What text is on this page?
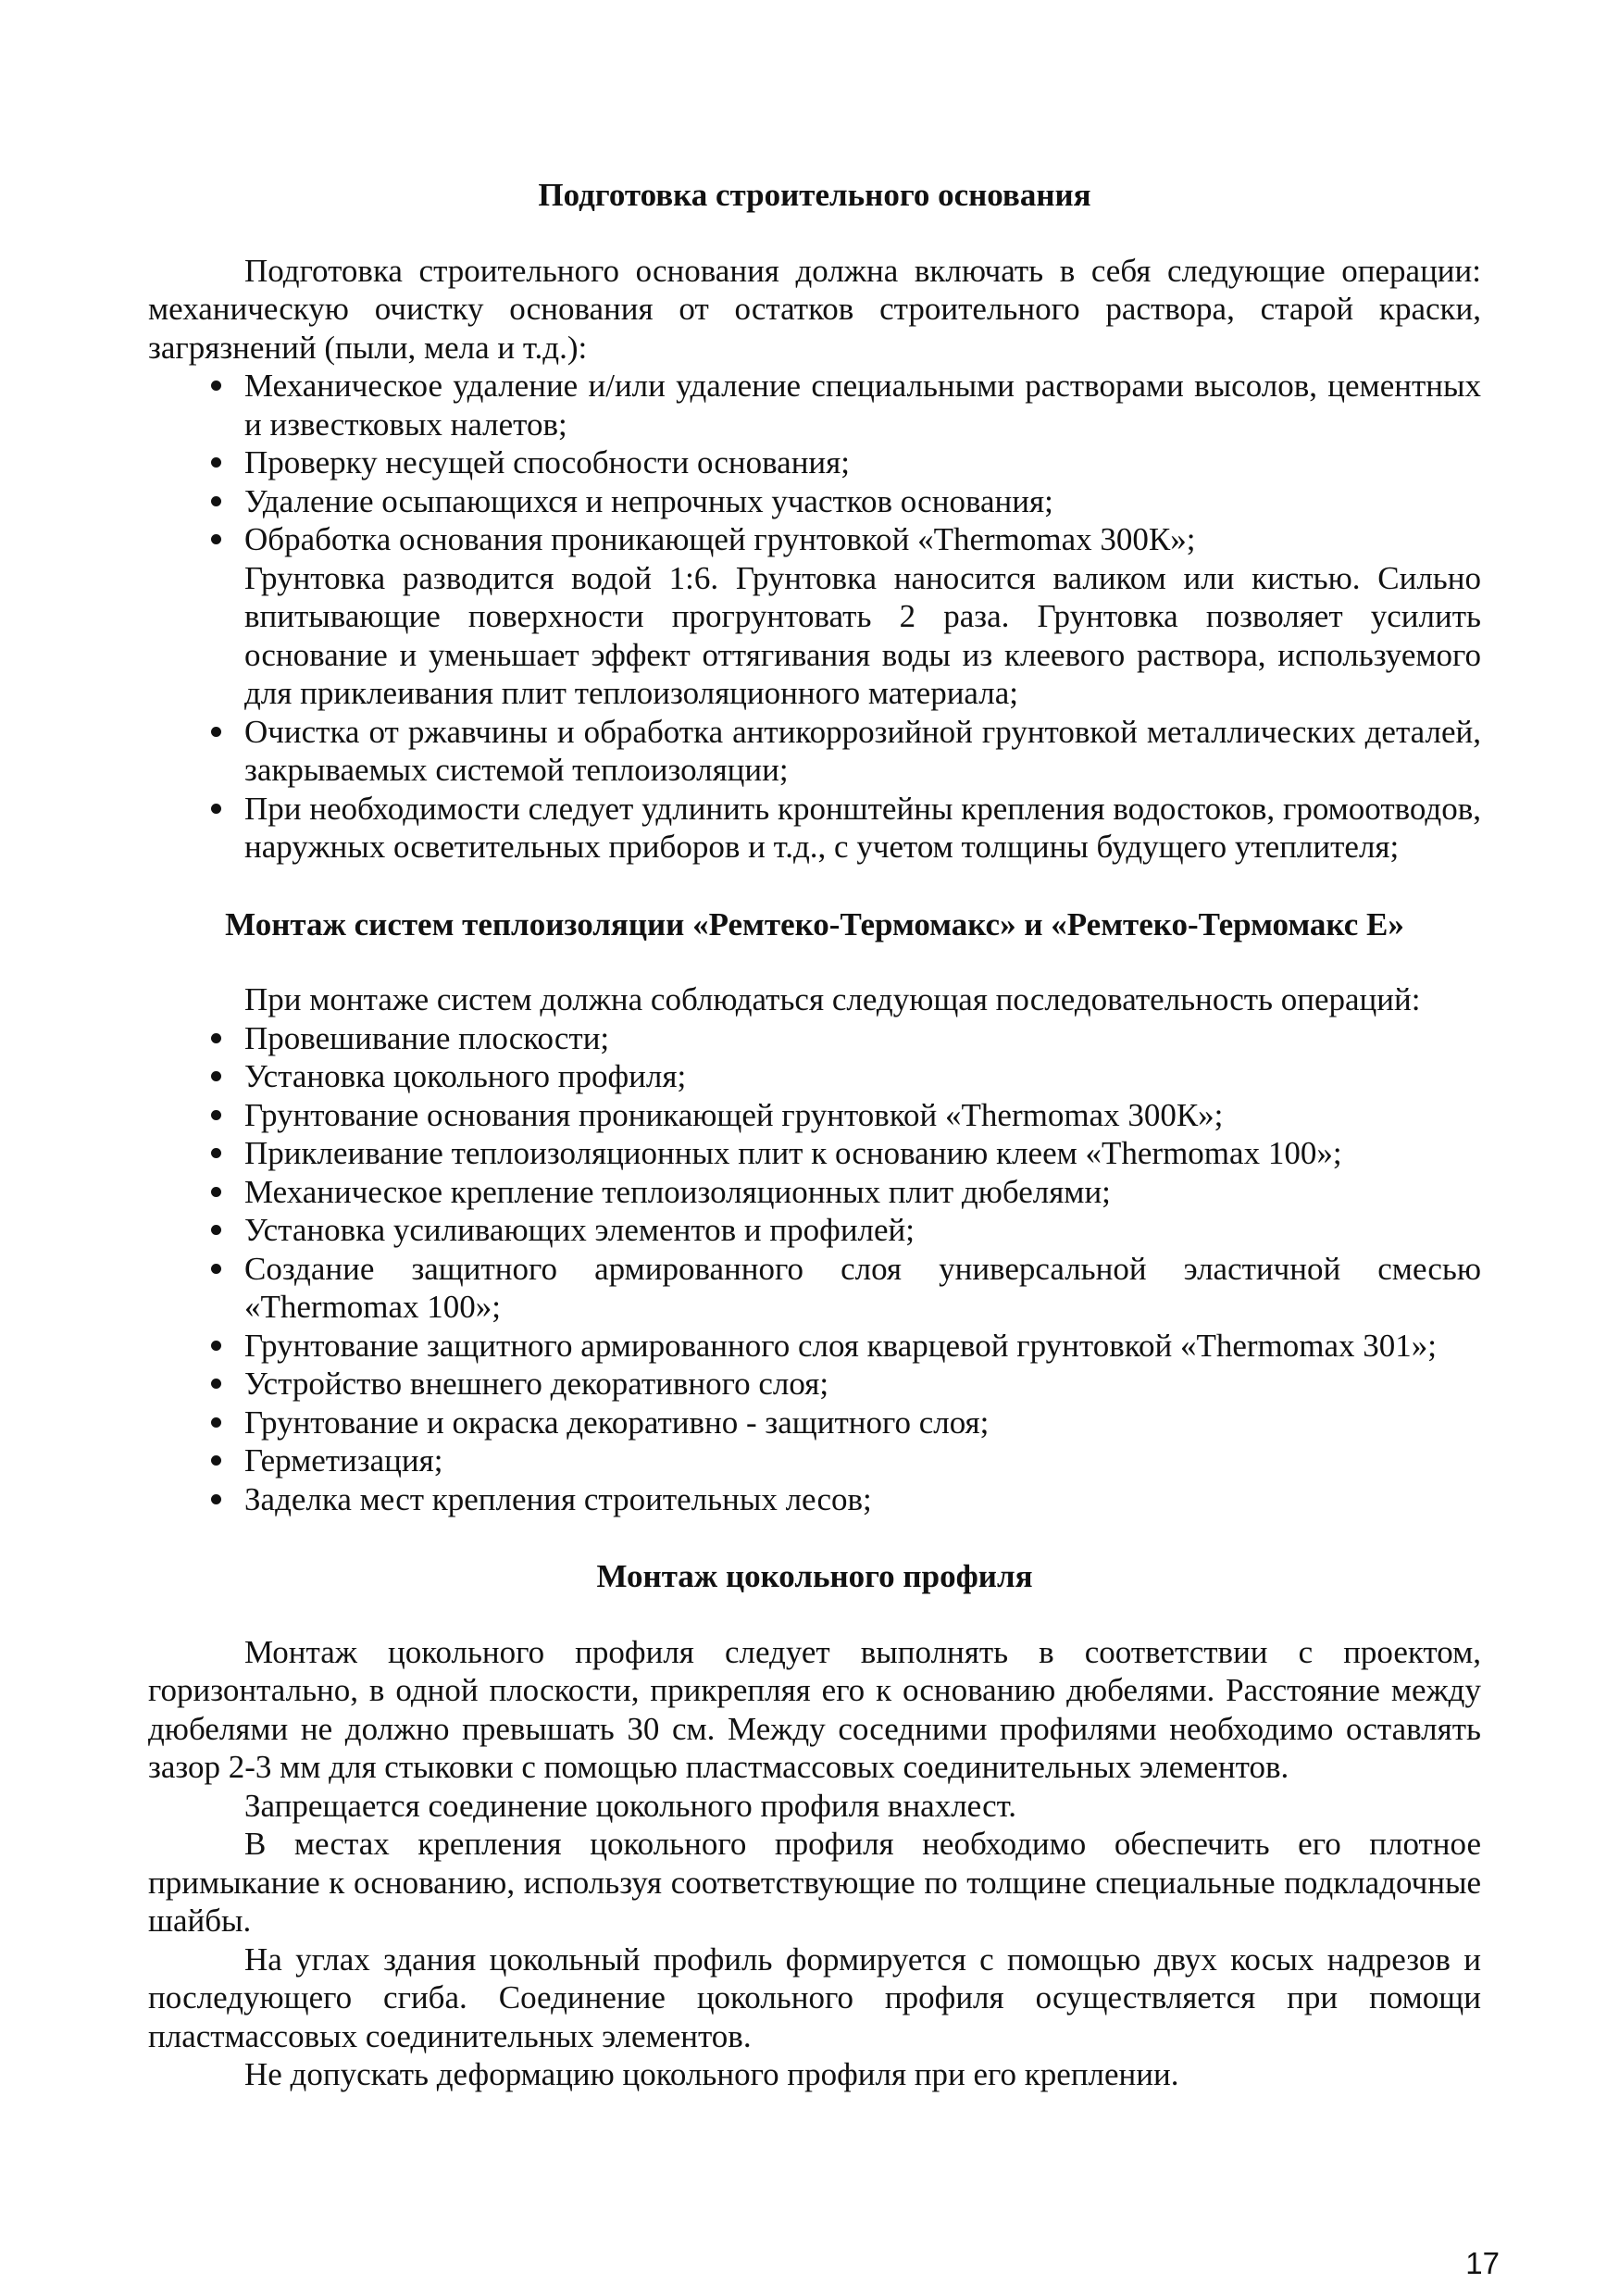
Подготовка строительного основания

Подготовка строительного основания должна включать в себя следующие операции: механическую очистку основания от остатков строительного раствора, старой краски, загрязнений (пыли, мела и т.д.):

Механическое удаление и/или удаление специальными растворами высолов, цементных и известковых налетов;
Проверку несущей способности основания;
Удаление осыпающихся и непрочных участков основания;
Обработка основания проникающей грунтовкой «Thermomax 300К»;

Грунтовка разводится водой 1:6. Грунтовка наносится валиком или кистью. Сильно впитывающие поверхности прогрунтовать 2 раза. Грунтовка позволяет усилить основание и уменьшает эффект оттягивания воды из клеевого раствора, используемого для приклеивания плит теплоизоляционного материала;

Очистка от ржавчины и обработка антикоррозийной грунтовкой металлических деталей, закрываемых системой теплоизоляции;
При необходимости следует удлинить кронштейны крепления водостоков, громоотводов, наружных осветительных приборов и т.д., с учетом толщины будущего утеплителя;
Монтаж систем теплоизоляции «Ремтеко-Термомакс» и «Ремтеко-Термомакс Е»

При монтаже систем должна соблюдаться следующая последовательность операций:

Провешивание плоскости;
Установка цокольного профиля;
Грунтование основания проникающей грунтовкой «Thermomax 300К»;
Приклеивание теплоизоляционных плит к основанию клеем «Thermomax 100»;
Механическое крепление теплоизоляционных плит дюбелями;
Установка усиливающих элементов и профилей;
Создание защитного армированного слоя универсальной эластичной смесью «Thermomax 100»;
Грунтование защитного армированного слоя кварцевой грунтовкой «Thermomax 301»;
Устройство внешнего декоративного слоя;
Грунтование и окраска декоративно - защитного слоя;
Герметизация;
Заделка мест крепления строительных лесов;
Монтаж цокольного профиля

Монтаж цокольного профиля следует выполнять в соответствии с проектом, горизонтально, в одной плоскости, прикрепляя его к основанию дюбелями. Расстояние между дюбелями не должно превышать 30 см. Между соседними профилями необходимо оставлять зазор 2-3 мм для стыковки с помощью пластмассовых соединительных элементов.

Запрещается соединение цокольного профиля внахлест.

В местах крепления цокольного профиля необходимо обеспечить его плотное примыкание к основанию, используя соответствующие по толщине специальные подкладочные шайбы.

На углах здания цокольный профиль формируется с помощью двух косых надрезов и последующего сгиба. Соединение цокольного профиля осуществляется при помощи пластмассовых соединительных элементов.

Не допускать деформацию цокольного профиля при его креплении.

17
